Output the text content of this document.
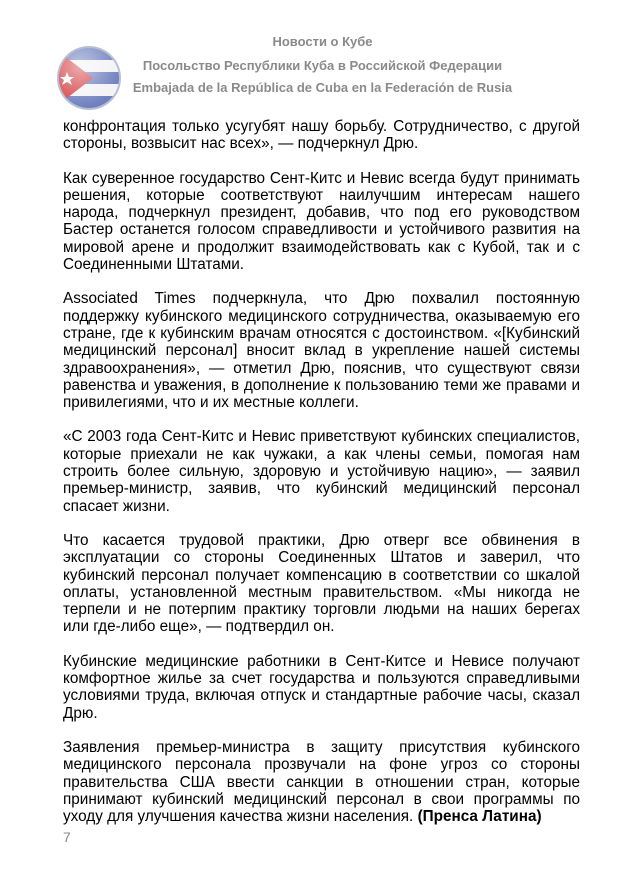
Новости о Кубе
Посольство Республики Куба в Российской Федерации
Embajada de la República de Cuba en la Federación de Rusia

конфронтация только усугубят нашу борьбу. Сотрудничество, с другой стороны, возвысит нас всех», — подчеркнул Дрю.

Как суверенное государство Сент-Китс и Невис всегда будут принимать решения, которые соответствуют наилучшим интересам нашего народа, подчеркнул президент, добавив, что под его руководством Бастер останется голосом справедливости и устойчивого развития на мировой арене и продолжит взаимодействовать как с Кубой, так и с Соединенными Штатами.

Associated Times подчеркнула, что Дрю похвалил постоянную поддержку кубинского медицинского сотрудничества, оказываемую его стране, где к кубинским врачам относятся с достоинством. «[Кубинский медицинский персонал] вносит вклад в укрепление нашей системы здравоохранения», — отметил Дрю, пояснив, что существуют связи равенства и уважения, в дополнение к пользованию теми же правами и привилегиями, что и их местные коллеги.

«С 2003 года Сент-Китс и Невис приветствуют кубинских специалистов, которые приехали не как чужаки, а как члены семьи, помогая нам строить более сильную, здоровую и устойчивую нацию», — заявил премьер-министр, заявив, что кубинский медицинский персонал спасает жизни.

Что касается трудовой практики, Дрю отверг все обвинения в эксплуатации со стороны Соединенных Штатов и заверил, что кубинский персонал получает компенсацию в соответствии со шкалой оплаты, установленной местным правительством. «Мы никогда не терпели и не потерпим практику торговли людьми на наших берегах или где-либо еще», — подтвердил он.

Кубинские медицинские работники в Сент-Китсе и Невисе получают комфортное жилье за счет государства и пользуются справедливыми условиями труда, включая отпуск и стандартные рабочие часы, сказал Дрю.

Заявления премьер-министра в защиту присутствия кубинского медицинского персонала прозвучали на фоне угроз со стороны правительства США ввести санкции в отношении стран, которые принимают кубинский медицинский персонал в свои программы по уходу для улучшения качества жизни населения. (Пренса Латина)

7
